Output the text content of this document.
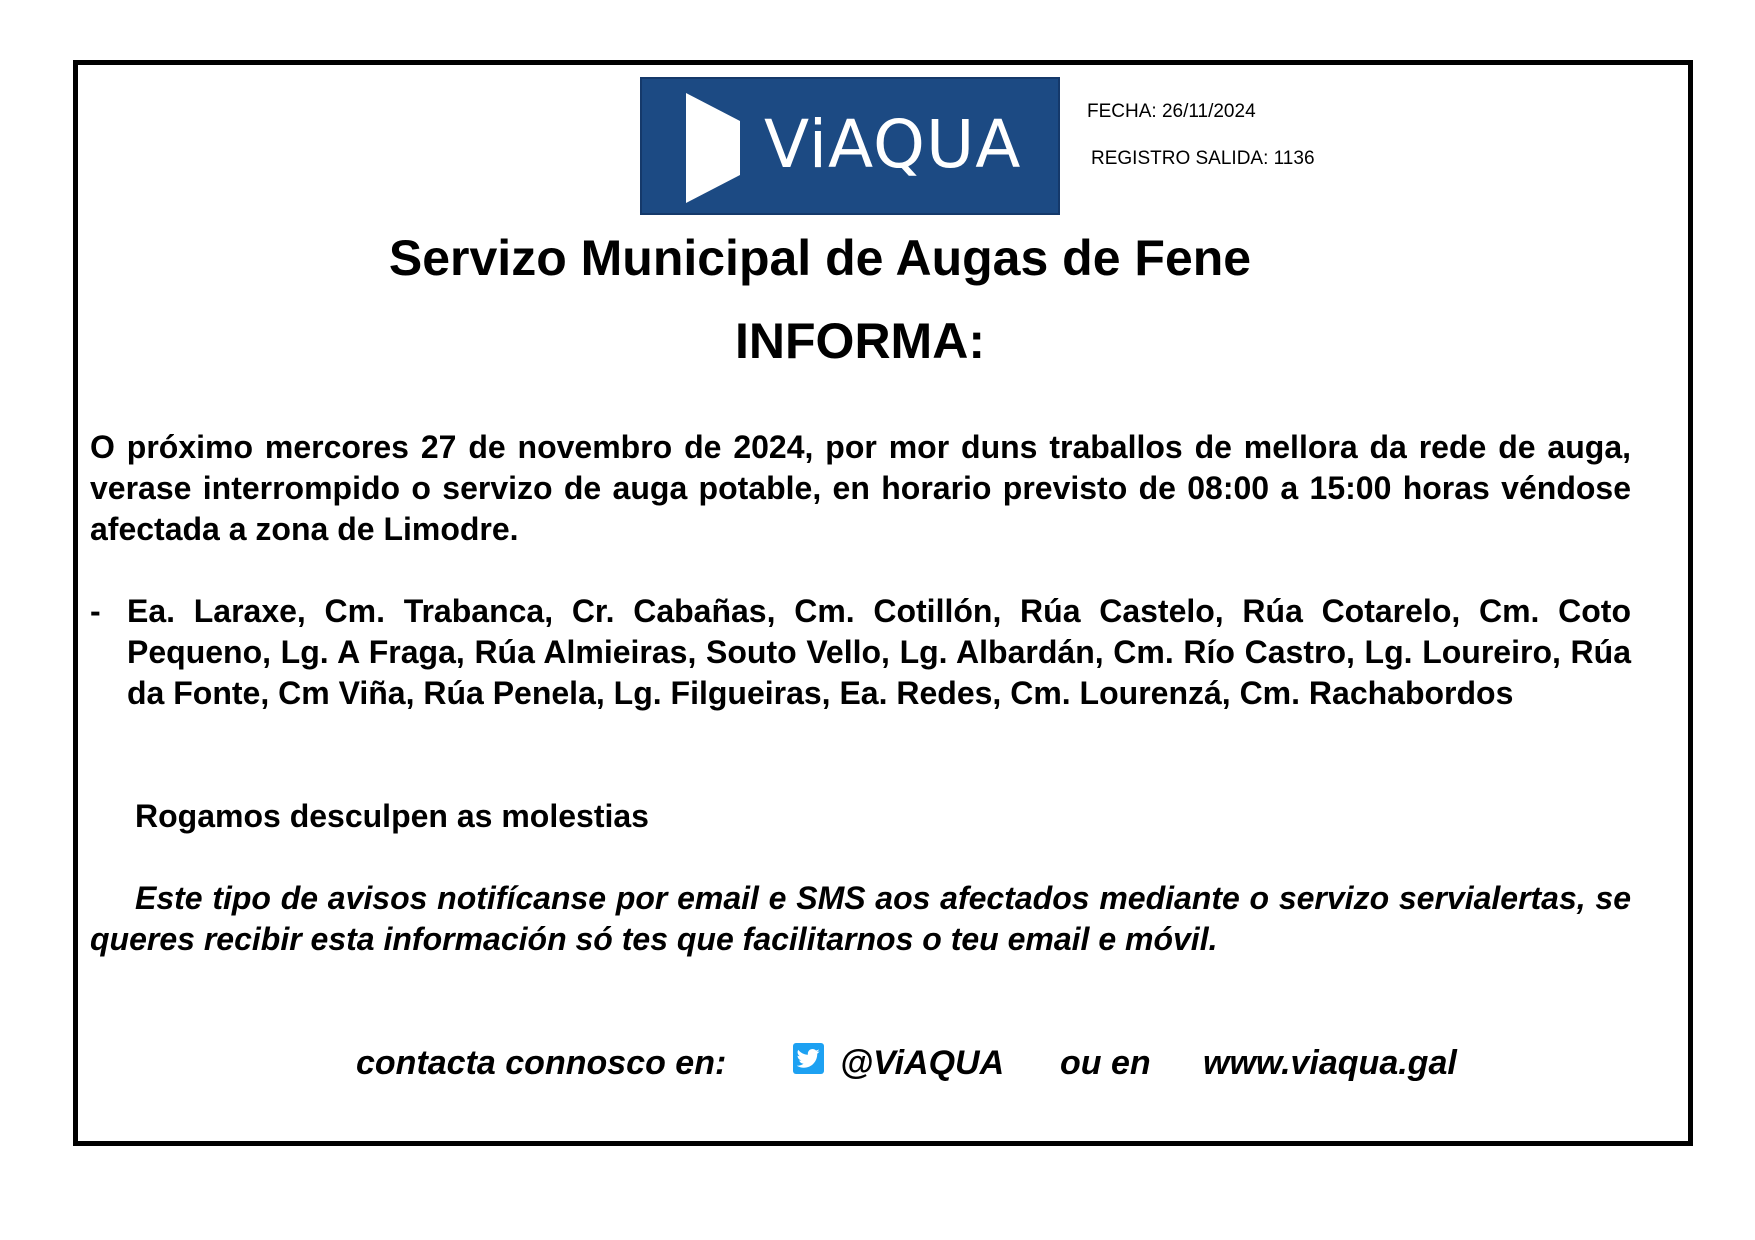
ViAQUA	FECHA: 26/11/2024
REGISTRO SALIDA: 1136
Servizo Municipal de Augas de Fene
INFORMA:
O próximo mercores 27 de novembro de 2024, por mor duns traballos de mellora da rede de auga, verase interrompido o servizo de auga potable, en horario previsto de 08:00 a 15:00 horas véndose afectada a zona de Limodre.
- Ea. Laraxe, Cm. Trabanca, Cr. Cabañas, Cm. Cotillón, Rúa Castelo, Rúa Cotarelo, Cm. Coto Pequeno, Lg. A Fraga, Rúa Almieiras, Souto Vello, Lg. Albardán, Cm. Río Castro, Lg. Loureiro, Rúa da Fonte, Cm Viña, Rúa Penela, Lg. Filgueiras, Ea. Redes, Cm. Lourenzá, Cm. Rachabordos
Rogamos desculpen as molestias
Este tipo de avisos notifícanse por email e SMS aos afectados mediante o servizo servialertas, se queres recibir esta información só tes que facilitarnos o teu email e móvil.
contacta connosco en:	@ViAQUA ou en www.viaqua.gal
